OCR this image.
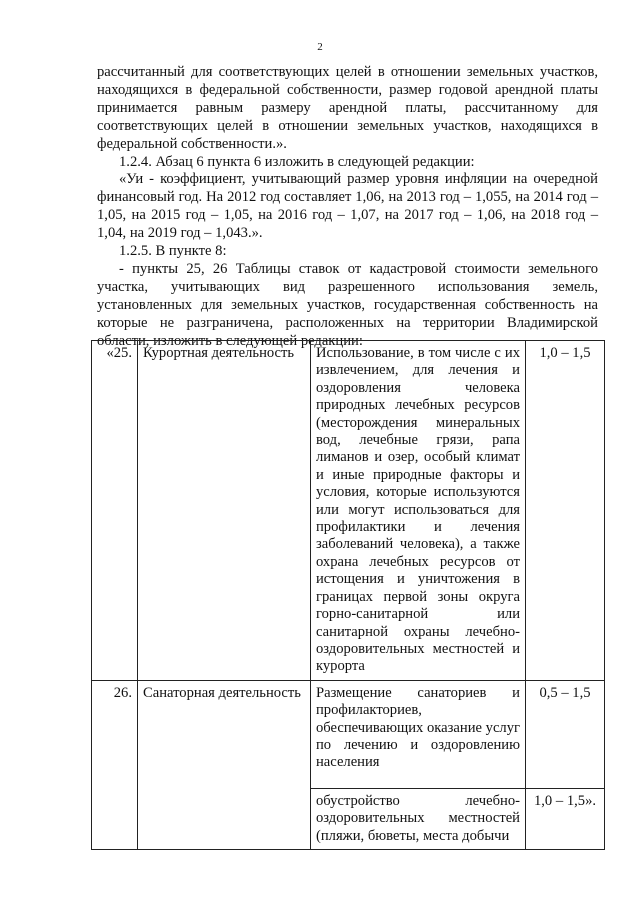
2

рассчитанный для соответствующих целей в отношении земельных участков, находящихся в федеральной собственности, размер годовой арендной платы принимается равным размеру арендной платы, рассчитанному для соответствующих целей в отношении земельных участков, находящихся в федеральной собственности.».

1.2.4. Абзац 6 пункта 6 изложить в следующей редакции:

«Уи - коэффициент, учитывающий размер уровня инфляции на очередной финансовый год. На 2012 год составляет 1,06, на 2013 год – 1,055, на 2014 год – 1,05, на 2015 год – 1,05, на 2016 год – 1,07, на 2017 год – 1,06, на 2018 год – 1,04, на 2019 год – 1,043.».

1.2.5. В пункте 8:

- пункты 25, 26 Таблицы ставок от кадастровой стоимости земельного участка, учитывающих вид разрешенного использования земель, установленных для земельных участков, государственная собственность на которые не разграничена, расположенных на территории Владимирской области, изложить в следующей редакции:

«25.	Курортная деятельность	Использование, в том числе с их извлечением, для лечения и оздоровления человека природных лечебных ресурсов (месторождения минеральных вод, лечебные грязи, рапа лиманов и озер, особый климат и иные природные факторы и условия, которые используются или могут использоваться для профилактики и лечения заболеваний человека), а также охрана лечебных ресурсов от истощения и уничтожения в границах первой зоны округа горно-санитарной или санитарной охраны лечебно-оздоровительных местностей и курорта	1,0 – 1,5
26.	Санаторная деятельность	Размещение санаториев и профилакториев, обеспечивающих оказание услуг по лечению и оздоровлению населения	0,5 – 1,5
		обустройство лечебно-оздоровительных местностей (пляжи, бюветы, места добычи	1,0 – 1,5».
